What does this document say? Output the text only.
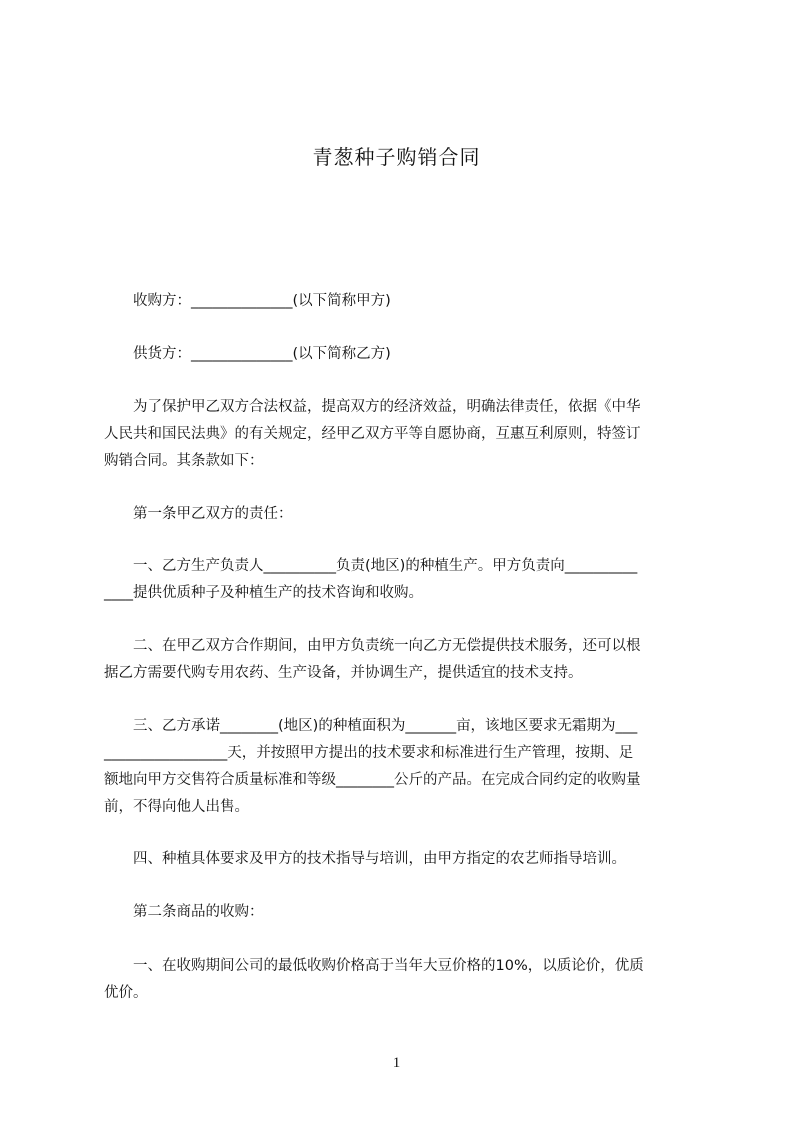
青葱种子购销合同
　　收购方：______________(以下简称甲方)
　　供货方：______________(以下简称乙方)
　　为了保护甲乙双方合法权益，提高双方的经济效益，明确法律责任，依据《中华
人民共和国民法典》的有关规定，经甲乙双方平等自愿协商，互惠互利原则，特签订
购销合同。其条款如下：
　　第一条甲乙双方的责任：
　　一、乙方生产负责人__________负责(地区)的种植生产。甲方负责向__________
____提供优质种子及种植生产的技术咨询和收购。
　　二、在甲乙双方合作期间，由甲方负责统一向乙方无偿提供技术服务，还可以根
据乙方需要代购专用农药、生产设备，并协调生产，提供适宜的技术支持。
　　三、乙方承诺________(地区)的种植面积为_______亩，该地区要求无霜期为___
_________________天，并按照甲方提出的技术要求和标准进行生产管理，按期、足
额地向甲方交售符合质量标准和等级________公斤的产品。在完成合同约定的收购量
前，不得向他人出售。
　　四、种植具体要求及甲方的技术指导与培训，由甲方指定的农艺师指导培训。
　　第二条商品的收购：
　　一、在收购期间公司的最低收购价格高于当年大豆价格的10%，以质论价，优质
优价。
1
